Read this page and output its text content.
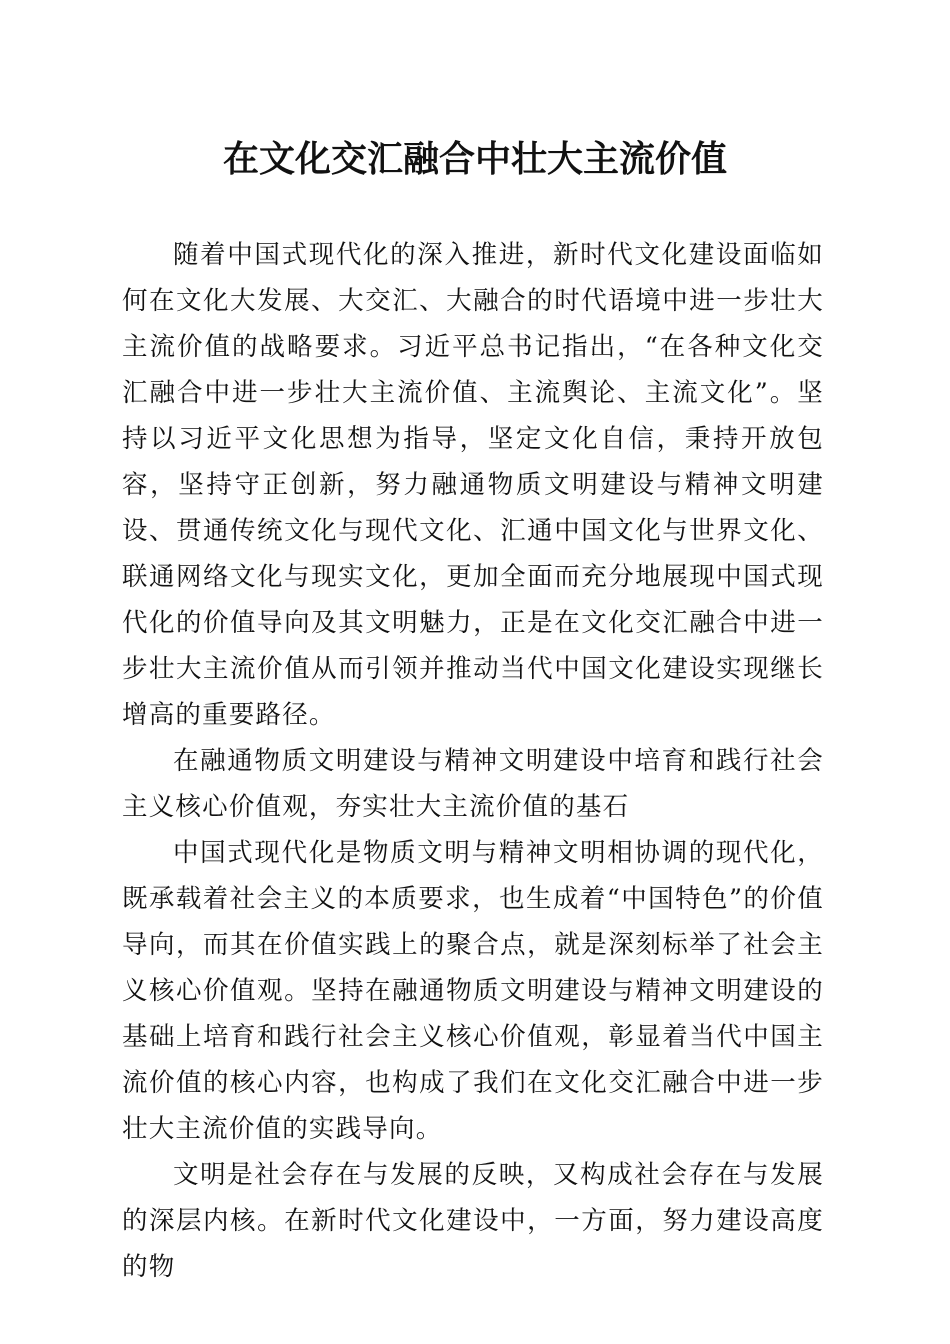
在文化交汇融合中壮大主流价值

随着中国式现代化的深入推进，新时代文化建设面临如何在文化大发展、大交汇、大融合的时代语境中进一步壮大主流价值的战略要求。习近平总书记指出，“在各种文化交汇融合中进一步壮大主流价值、主流舆论、主流文化”。坚持以习近平文化思想为指导，坚定文化自信，秉持开放包容，坚持守正创新，努力融通物质文明建设与精神文明建设、贯通传统文化与现代文化、汇通中国文化与世界文化、联通网络文化与现实文化，更加全面而充分地展现中国式现代化的价值导向及其文明魅力，正是在文化交汇融合中进一步壮大主流价值从而引领并推动当代中国文化建设实现继长增高的重要路径。

在融通物质文明建设与精神文明建设中培育和践行社会主义核心价值观，夯实壮大主流价值的基石

中国式现代化是物质文明与精神文明相协调的现代化，既承载着社会主义的本质要求，也生成着“中国特色”的价值导向，而其在价值实践上的聚合点，就是深刻标举了社会主义核心价值观。坚持在融通物质文明建设与精神文明建设的基础上培育和践行社会主义核心价值观，彰显着当代中国主流价值的核心内容，也构成了我们在文化交汇融合中进一步壮大主流价值的实践导向。

文明是社会存在与发展的反映，又构成社会存在与发展的深层内核。在新时代文化建设中，一方面，努力建设高度的物
